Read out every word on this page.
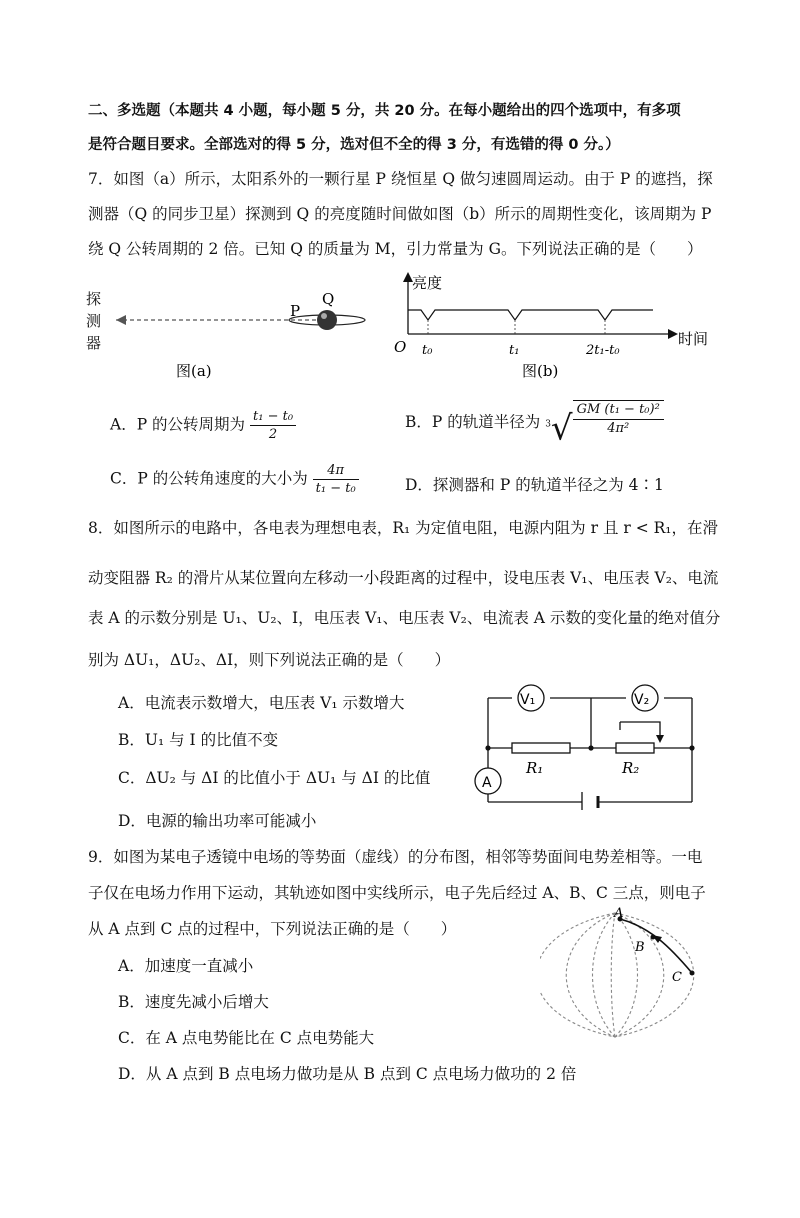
二、多选题（本题共 4 小题，每小题 5 分，共 20 分。在每小题给出的四个选项中，有多项
是符合题目要求。全部选对的得 5 分，选对但不全的得 3 分，有选错的得 0 分。）
7．如图（a）所示，太阳系外的一颗行星 P 绕恒星 Q 做匀速圆周运动。由于 P 的遮挡，探
测器（Q 的同步卫星）探测到 Q 的亮度随时间做如图（b）所示的周期性变化，该周期为 P
绕 Q 公转周期的 2 倍。已知 Q 的质量为 M，引力常量为 G。下列说法正确的是（　　）
P
Q
图(a)
探
测
器
亮度
时间
O t₀	t₁	2t₁-t₀
图(b)
A．P 的公转周期为 $\frac{\text{t₁ − t₀}}{2}$	B．P 的轨道半径为 $^3√ \frac{\text{GM (t₁ − t₀)²}}{\text{4π²}}$
C．P 的公转角速度的大小为 $\frac{4\pi}{\text{t₁ − t₀}}$	D．探测器和 P 的轨道半径之为 4∶1
8．如图所示的电路中，各电表为理想电表，R₁ 为定值电阻，电源内阻为 r 且 r < R₁，在滑
动变阻器 R₂ 的滑片从某位置向左移动一小段距离的过程中，设电压表 V₁、电压表 V₂、电流
表 A 的示数分别是 U₁、U₂、I，电压表 V₁、电压表 V₂、电流表 A 示数的变化量的绝对值分
别为 ΔU₁，ΔU₂、ΔI，则下列说法正确的是（　　）
A．电流表示数增大，电压表 V₁ 示数增大
B．U₁ 与 I 的比值不变
C．ΔU₂ 与 ΔI 的比值小于 ΔU₁ 与 ΔI 的比值
D．电源的输出功率可能减小
V₁	V₂
A
R₁	R₂
9．如图为某电子透镜中电场的等势面（虚线）的分布图，相邻等势面间电势差相等。一电
子仅在电场力作用下运动，其轨迹如图中实线所示，电子先后经过 A、B、C 三点，则电子
从 A 点到 C 点的过程中，下列说法正确的是（　　）
A．加速度一直减小
B．速度先减小后增大
C．在 A 点电势能比在 C 点电势能大
D．从 A 点到 B 点电场力做功是从 B 点到 C 点电场力做功的 2 倍
A
B
C
